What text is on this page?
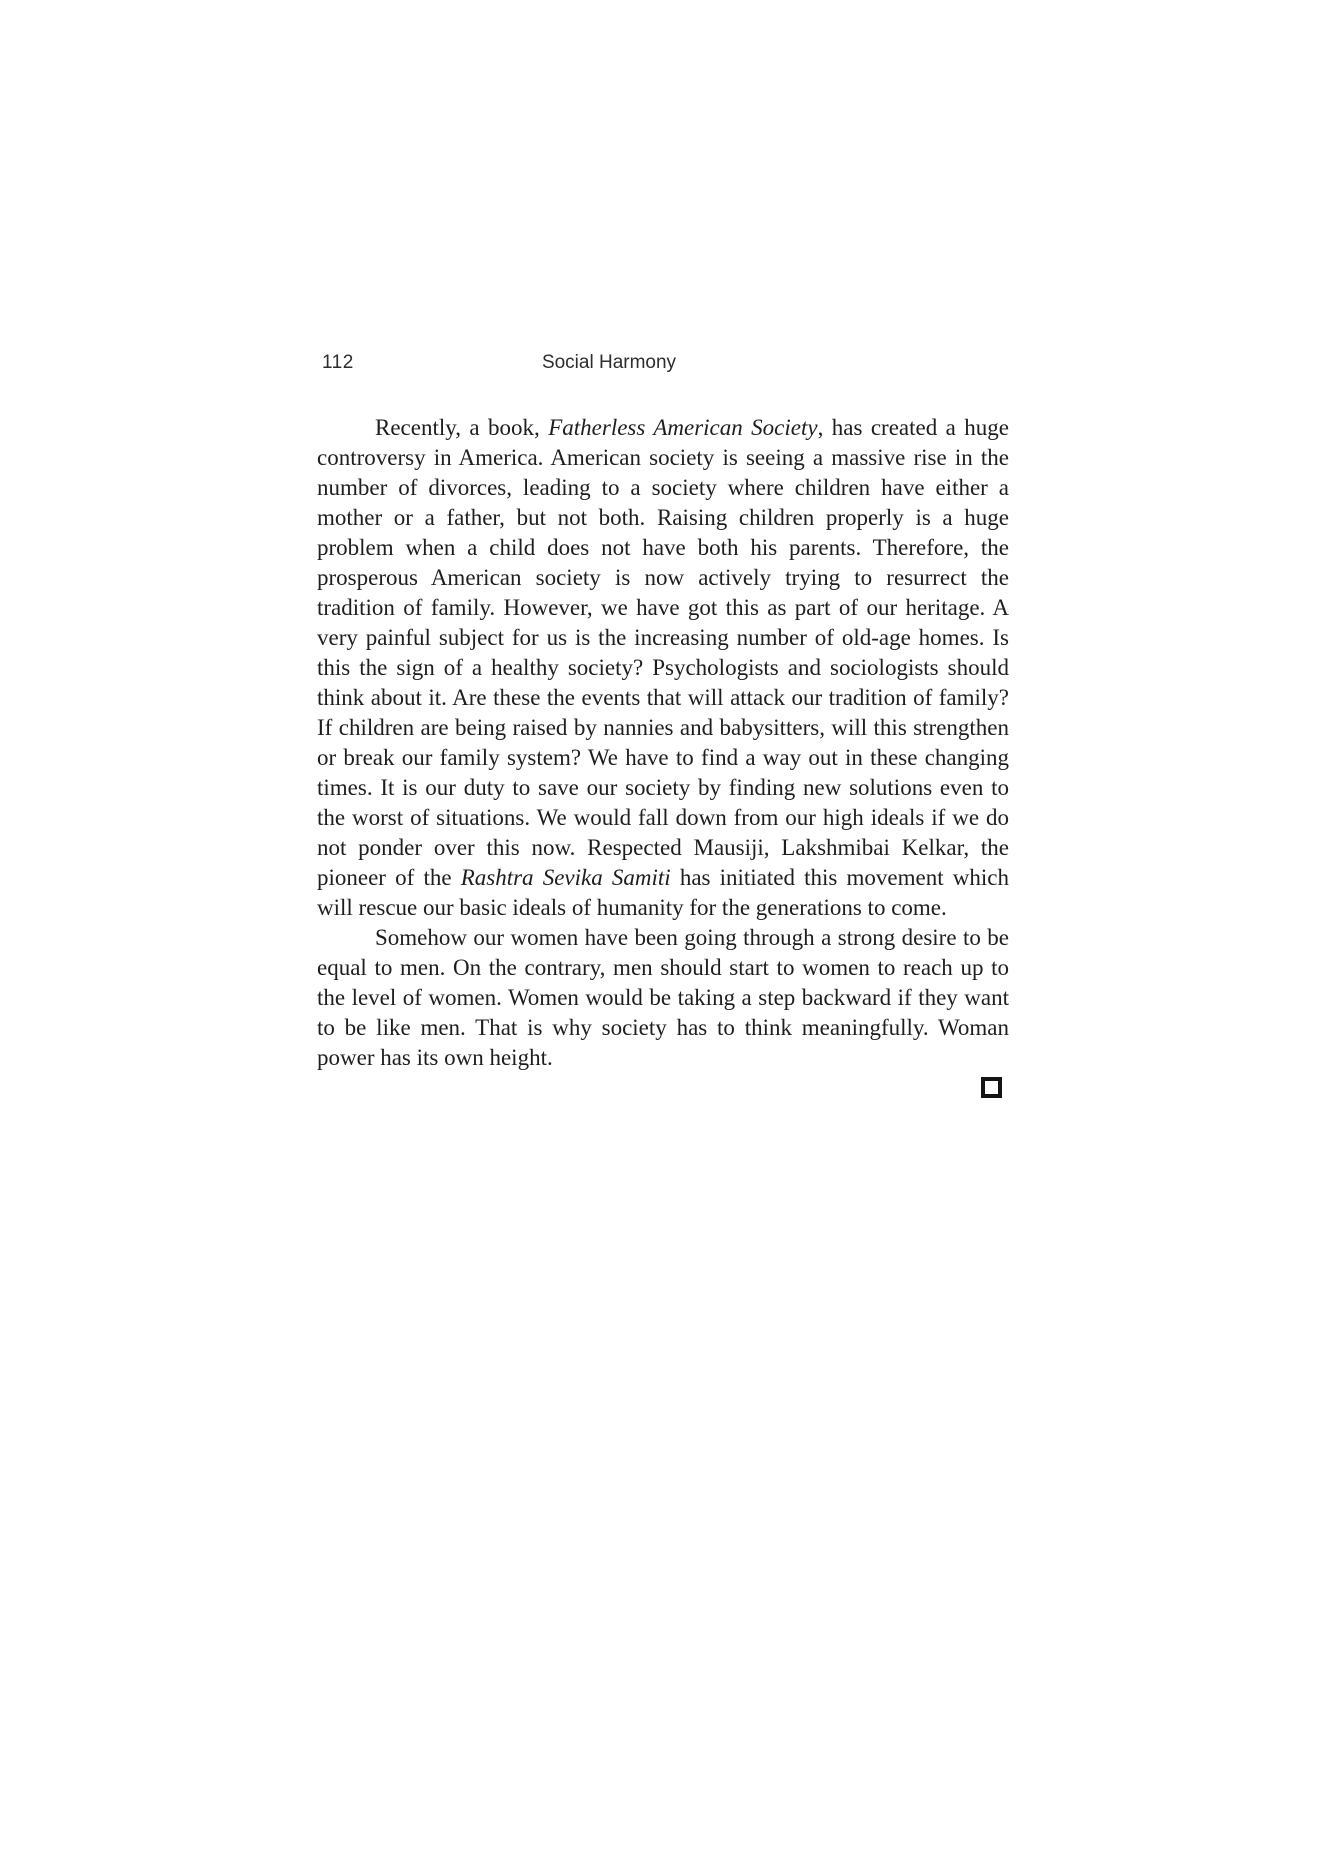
112	Social Harmony

Recently, a book, Fatherless American Society, has created a huge controversy in America. American society is seeing a massive rise in the number of divorces, leading to a society where children have either a mother or a father, but not both. Raising children properly is a huge problem when a child does not have both his parents. Therefore, the prosperous American society is now actively trying to resurrect the tradition of family. However, we have got this as part of our heritage. A very painful subject for us is the increasing number of old-age homes. Is this the sign of a healthy society? Psychologists and sociologists should think about it. Are these the events that will attack our tradition of family? If children are being raised by nannies and babysitters, will this strengthen or break our family system? We have to find a way out in these changing times. It is our duty to save our society by finding new solutions even to the worst of situations. We would fall down from our high ideals if we do not ponder over this now. Respected Mausiji, Lakshmibai Kelkar, the pioneer of the Rashtra Sevika Samiti has initiated this movement which will rescue our basic ideals of humanity for the generations to come.

Somehow our women have been going through a strong desire to be equal to men. On the contrary, men should start to women to reach up to the level of women. Women would be taking a step backward if they want to be like men. That is why society has to think meaningfully. Woman power has its own height.
